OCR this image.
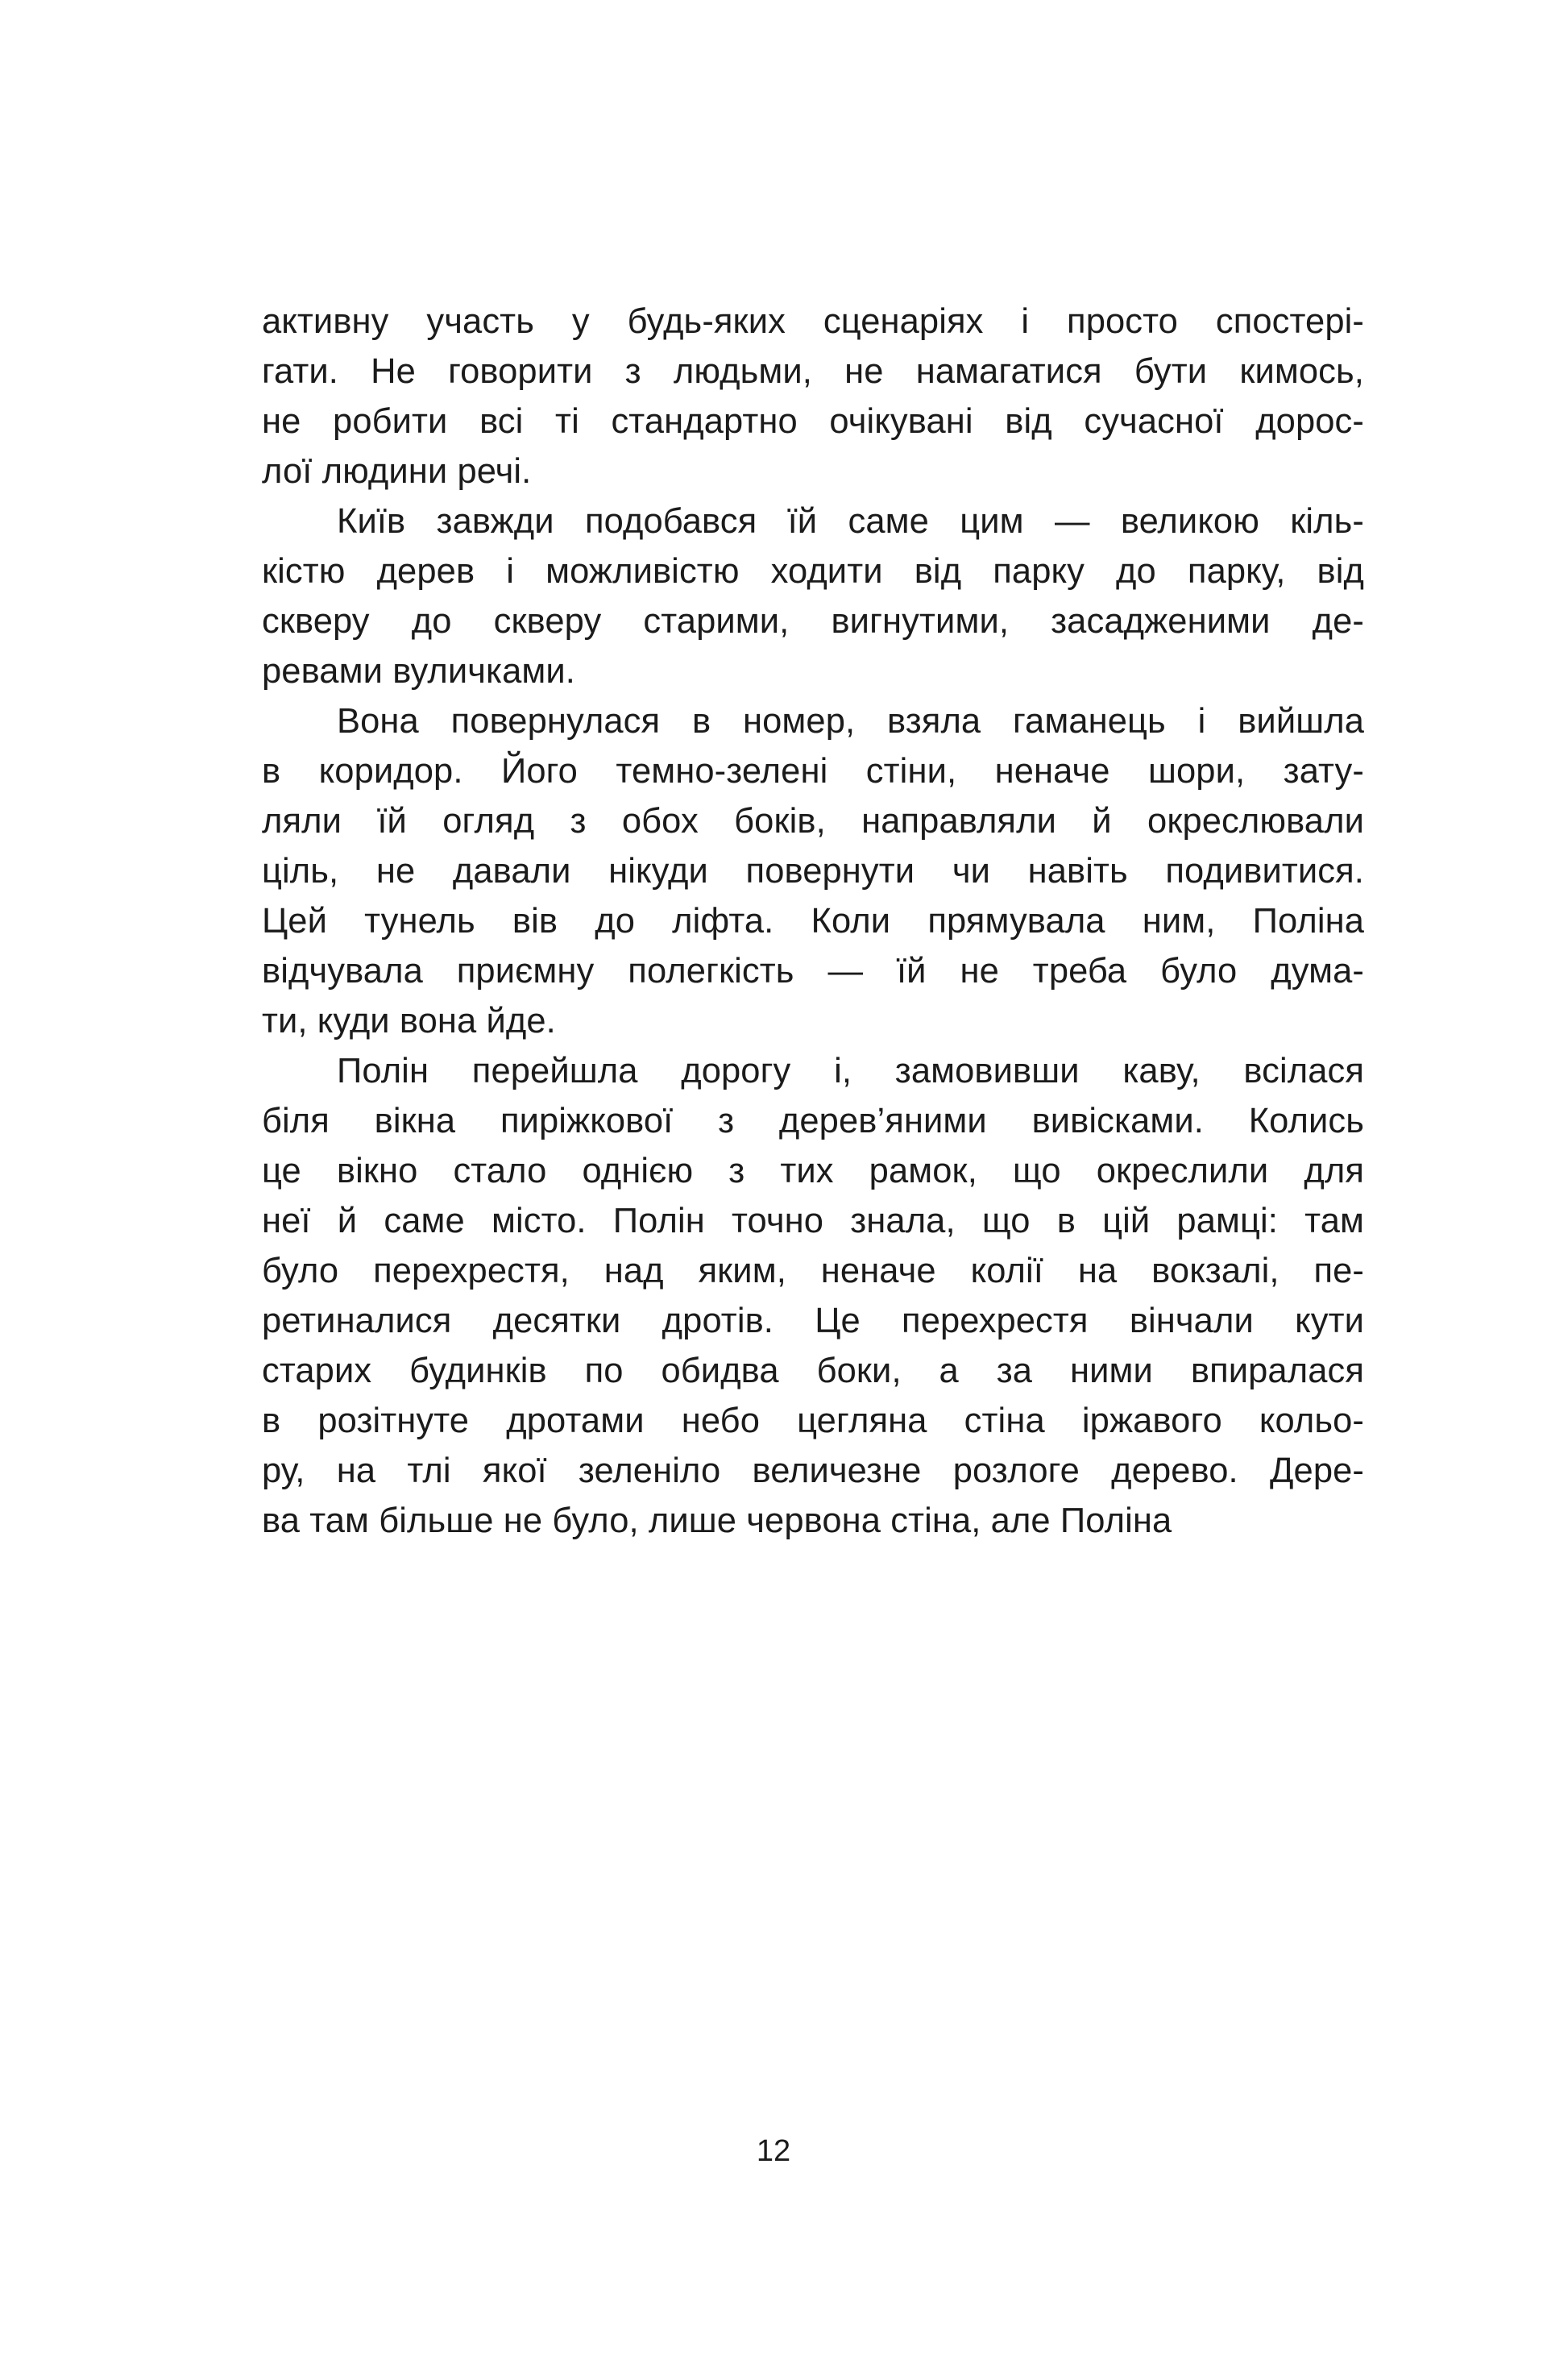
активну участь у будь-яких сценаріях і просто спостері-
гати. Не говорити з людьми, не намагатися бути кимось,
не робити всі ті стандартно очікувані від сучасної дорос-
лої людини речі.

Київ завжди подобався їй саме цим — великою кіль-
кістю дерев і можливістю ходити від парку до парку, від
скверу до скверу старими, вигнутими, засадженими де-
ревами вуличками.

Вона повернулася в номер, взяла гаманець і вийшла
в коридор. Його темно-зелені стіни, неначе шори, зату-
ляли їй огляд з обох боків, направляли й окреслювали
ціль, не давали нікуди повернути чи навіть подивитися.
Цей тунель вів до ліфта. Коли прямувала ним, Поліна
відчувала приємну полегкість — їй не треба було дума-
ти, куди вона йде.

Полін перейшла дорогу і, замовивши каву, всілася
біля вікна пиріжкової з дерев’яними вивісками. Колись
це вікно стало однією з тих рамок, що окреслили для
неї й саме місто. Полін точно знала, що в цій рамці: там
було перехрестя, над яким, неначе колії на вокзалі, пе-
ретиналися десятки дротів. Це перехрестя вінчали кути
старих будинків по обидва боки, а за ними впиралася
в розітнуте дротами небо цегляна стіна іржавого кольо-
ру, на тлі якої зеленіло величезне розлоге дерево. Дере-
ва там більше не було, лише червона стіна, але Поліна

12
